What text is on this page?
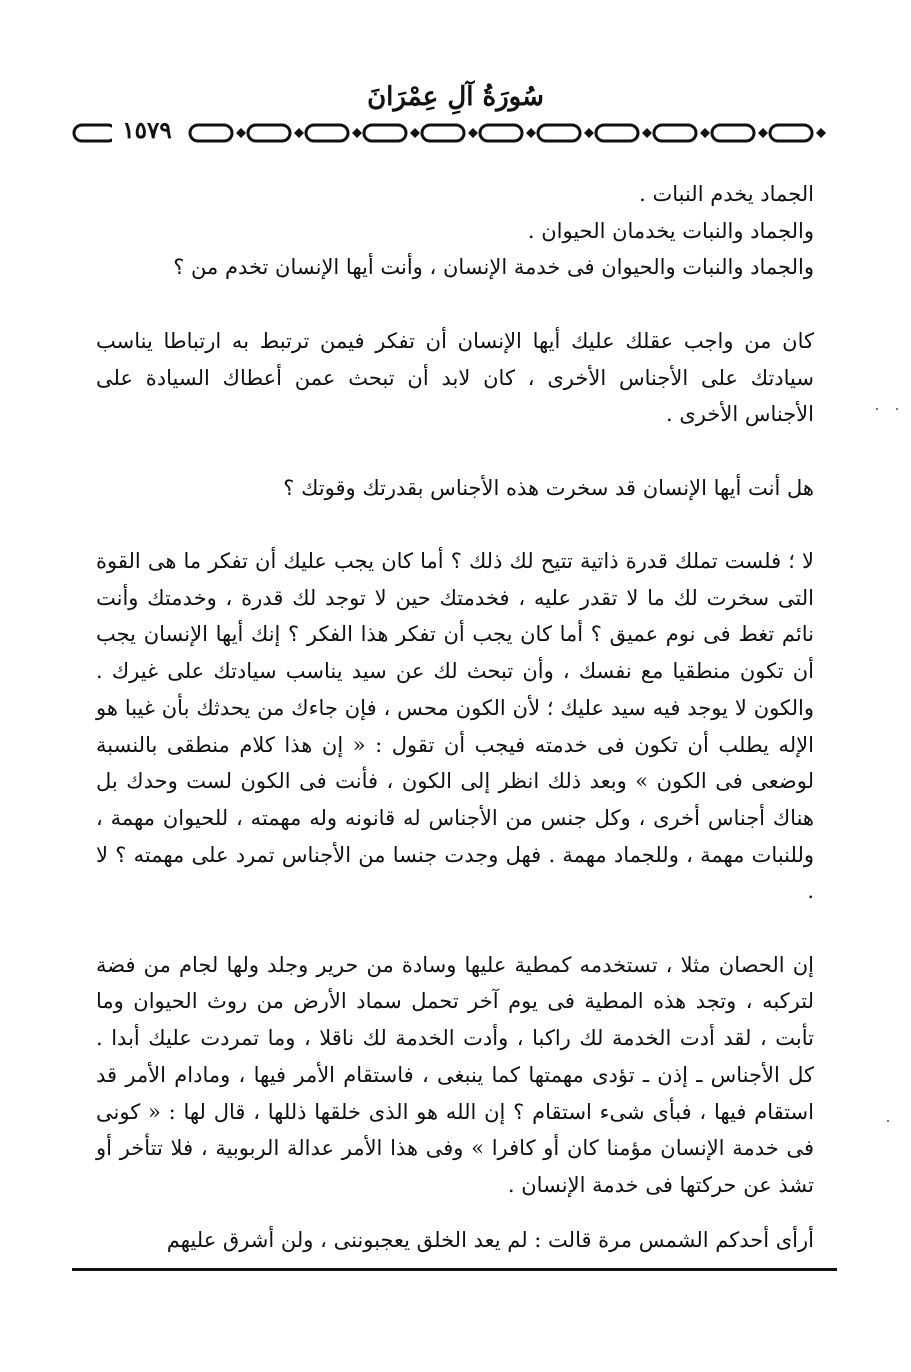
سُورَةُ آلِ عِمْرَانَ
١٥٧٩
الجماد يخدم النبات .
والجماد والنبات يخدمان الحيوان .
والجماد والنبات والحيوان فى خدمة الإنسان ، وأنت أيها الإنسان تخدم من ؟

كان من واجب عقلك عليك أيها الإنسان أن تفكر فيمن ترتبط به ارتباطا يناسب سيادتك على الأجناس الأخرى ، كان لابد أن تبحث عمن أعطاك السيادة على الأجناس الأخرى .

هل أنت أيها الإنسان قد سخرت هذه الأجناس بقدرتك وقوتك ؟

لا ؛ فلست تملك قدرة ذاتية تتيح لك ذلك ؟ أما كان يجب عليك أن تفكر ما هى القوة التى سخرت لك ما لا تقدر عليه ، فخدمتك حين لا توجد لك قدرة ، وخدمتك وأنت نائم تغط فى نوم عميق ؟ أما كان يجب أن تفكر هذا الفكر ؟ إنك أيها الإنسان يجب أن تكون منطقيا مع نفسك ، وأن تبحث لك عن سيد يناسب سيادتك على غيرك . والكون لا يوجد فيه سيد عليك ؛ لأن الكون محس ، فإن جاءك من يحدثك بأن غيبا هو الإله يطلب أن تكون فى خدمته فيجب أن تقول : « إن هذا كلام منطقى بالنسبة لوضعى فى الكون » وبعد ذلك انظر إلى الكون ، فأنت فى الكون لست وحدك بل هناك أجناس أخرى ، وكل جنس من الأجناس له قانونه وله مهمته ، للحيوان مهمة ، وللنبات مهمة ، وللجماد مهمة . فهل وجدت جنسا من الأجناس تمرد على مهمته ؟ لا .

إن الحصان مثلا ، تستخدمه كمطية عليها وسادة من حرير وجلد ولها لجام من فضة لتركبه ، وتجد هذه المطية فى يوم آخر تحمل سماد الأرض من روث الحيوان وما تأبت ، لقد أدت الخدمة لك راكبا ، وأدت الخدمة لك ناقلا ، وما تمردت عليك أبدا . كل الأجناس ـ إذن ـ تؤدى مهمتها كما ينبغى ، فاستقام الأمر فيها ، ومادام الأمر قد استقام فيها ، فبأى شىء استقام ؟ إن الله هو الذى خلقها ذللها ، قال لها : « كونى فى خدمة الإنسان مؤمنا كان أو كافرا » وفى هذا الأمر عدالة الربوبية ، فلا تتأخر أو تشذ عن حركتها فى خدمة الإنسان .

أرأى أحدكم الشمس مرة قالت : لم يعد الخلق يعجبوننى ، ولن أشرق عليهم
